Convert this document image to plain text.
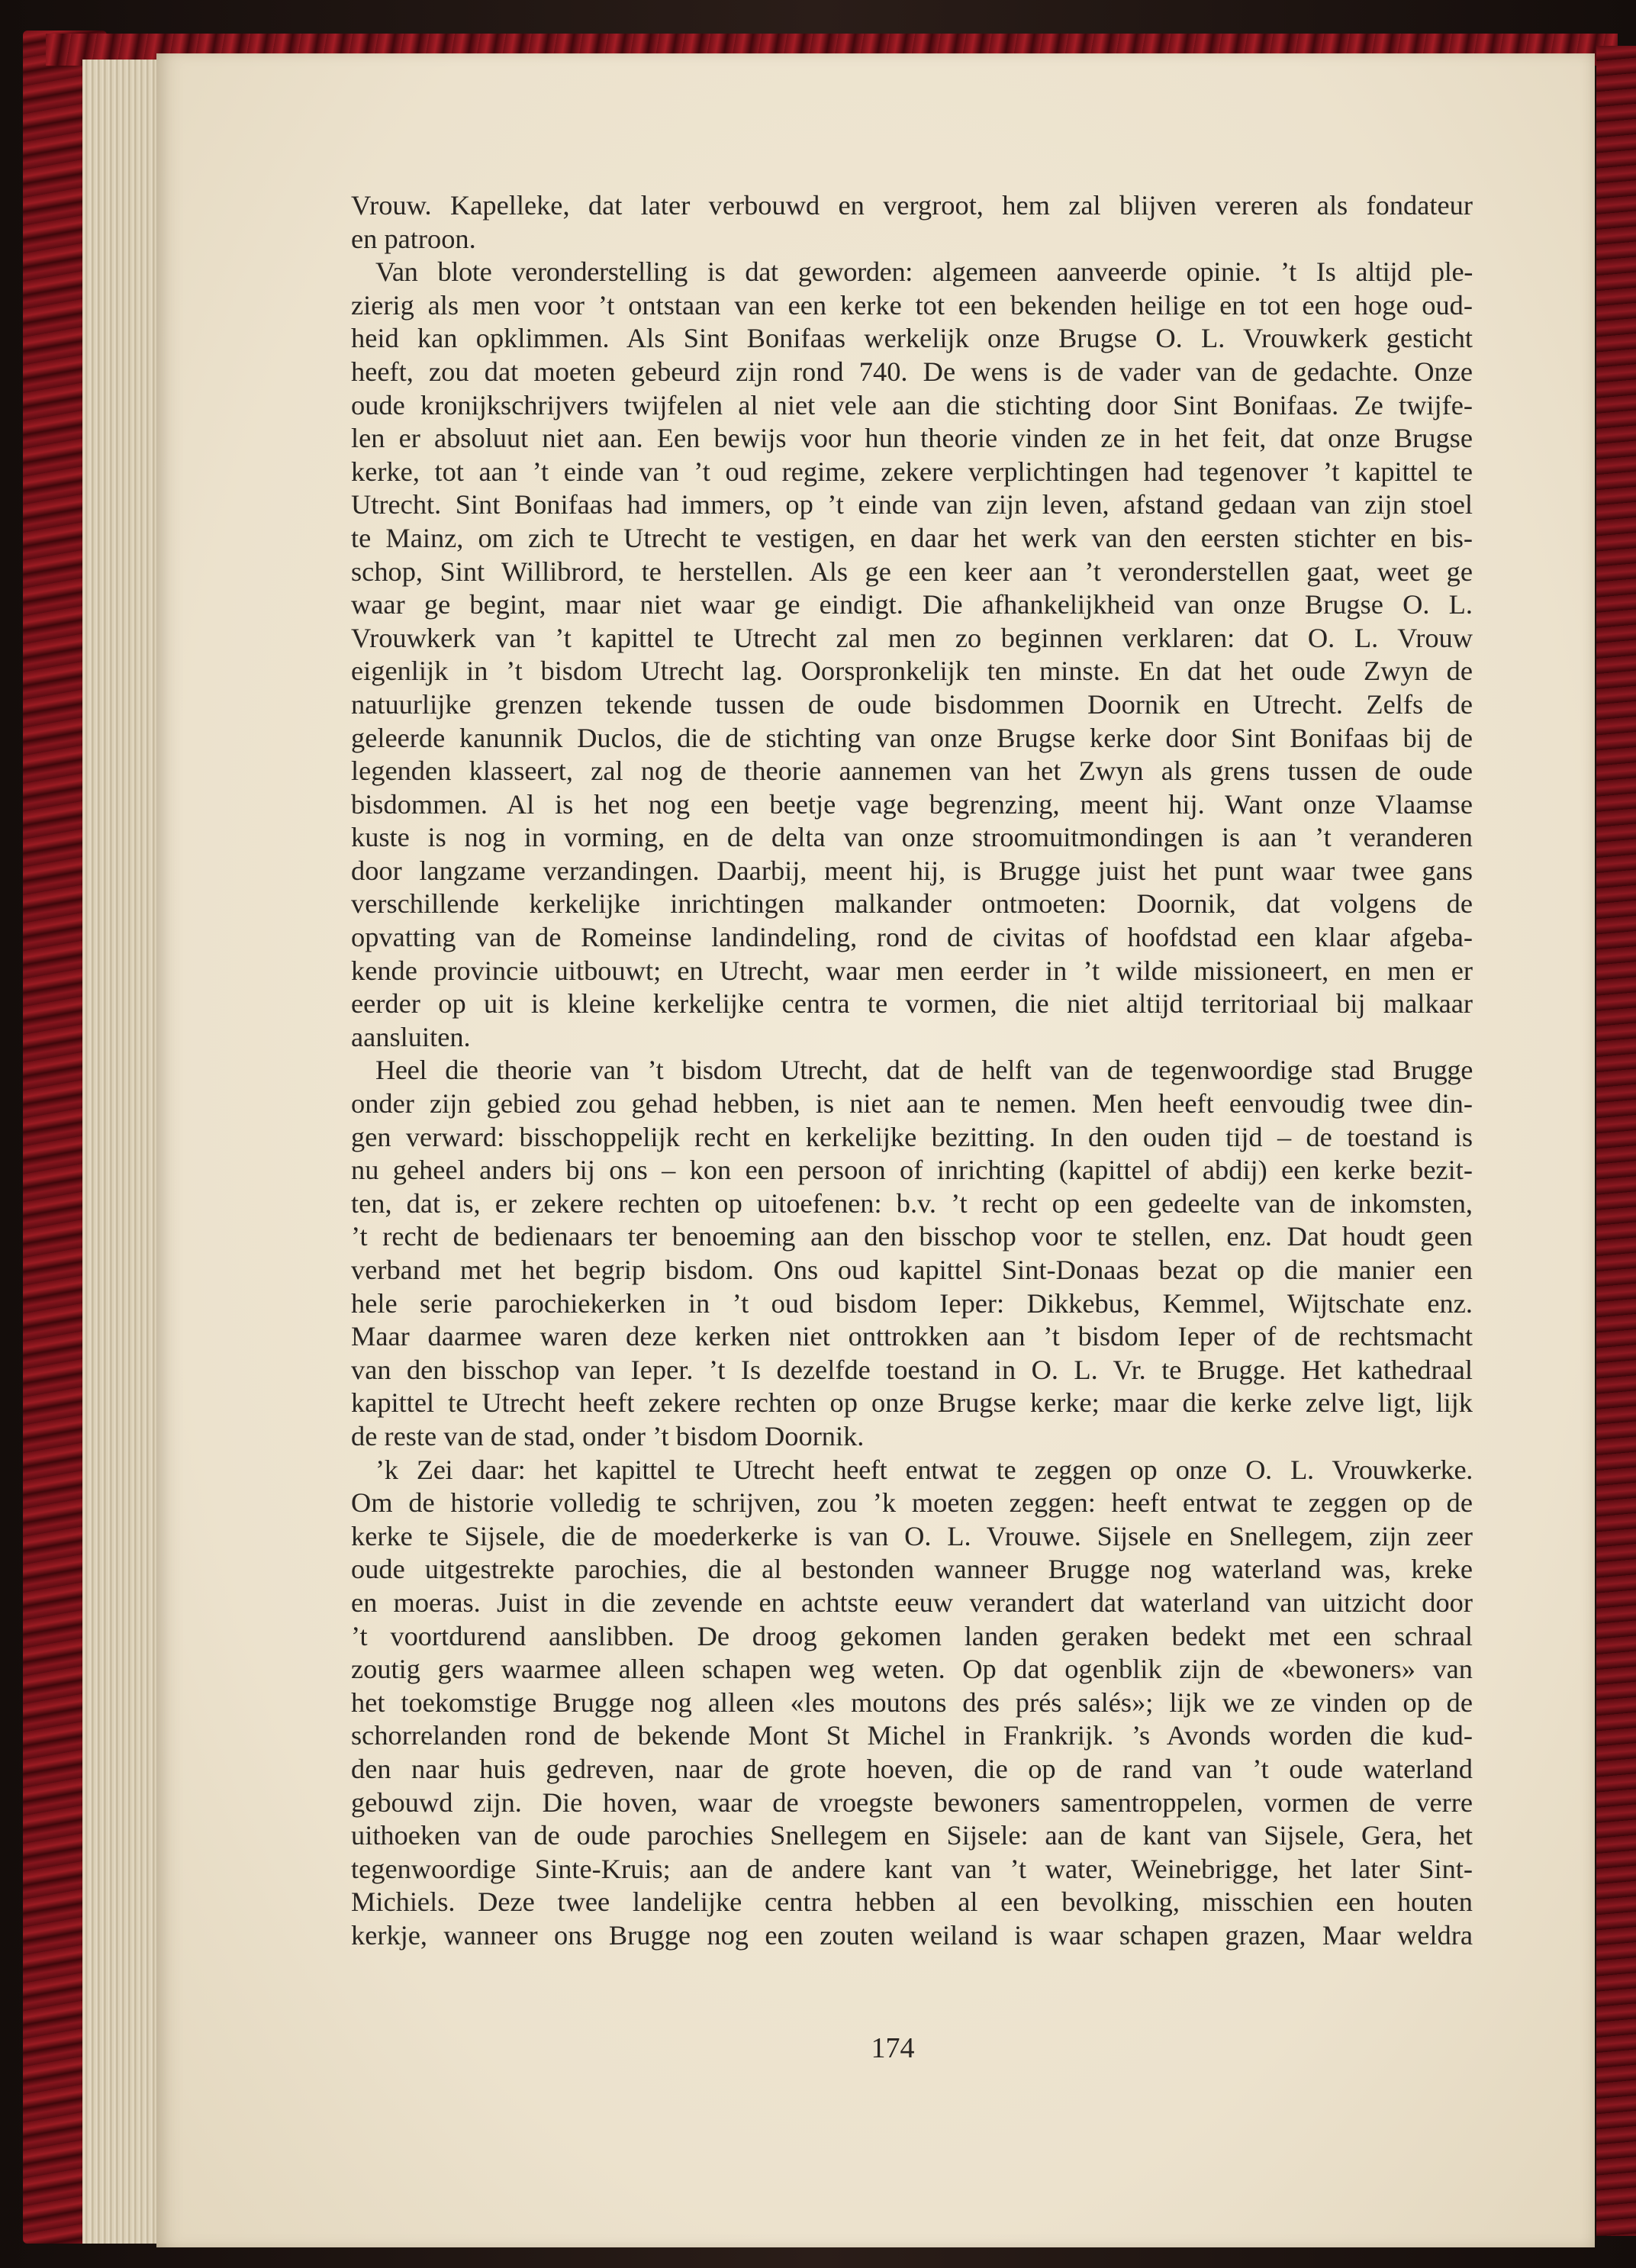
Vrouw. Kapelleke, dat later verbouwd en vergroot, hem zal blijven vereren als fondateur
en patroon.
Van blote veronderstelling is dat geworden: algemeen aanveerde opinie. ’t Is altijd ple-
zierig als men voor ’t ontstaan van een kerke tot een bekenden heilige en tot een hoge oud-
heid kan opklimmen. Als Sint Bonifaas werkelijk onze Brugse O. L. Vrouwkerk gesticht
heeft, zou dat moeten gebeurd zijn rond 740. De wens is de vader van de gedachte. Onze
oude kronijkschrijvers twijfelen al niet vele aan die stichting door Sint Bonifaas. Ze twijfe-
len er absoluut niet aan. Een bewijs voor hun theorie vinden ze in het feit, dat onze Brugse
kerke, tot aan ’t einde van ’t oud regime, zekere verplichtingen had tegenover ’t kapittel te
Utrecht. Sint Bonifaas had immers, op ’t einde van zijn leven, afstand gedaan van zijn stoel
te Mainz, om zich te Utrecht te vestigen, en daar het werk van den eersten stichter en bis-
schop, Sint Willibrord, te herstellen. Als ge een keer aan ’t veronderstellen gaat, weet ge
waar ge begint, maar niet waar ge eindigt. Die afhankelijkheid van onze Brugse O. L.
Vrouwkerk van ’t kapittel te Utrecht zal men zo beginnen verklaren: dat O. L. Vrouw
eigenlijk in ’t bisdom Utrecht lag. Oorspronkelijk ten minste. En dat het oude Zwyn de
natuurlijke grenzen tekende tussen de oude bisdommen Doornik en Utrecht. Zelfs de
geleerde kanunnik Duclos, die de stichting van onze Brugse kerke door Sint Bonifaas bij de
legenden klasseert, zal nog de theorie aannemen van het Zwyn als grens tussen de oude
bisdommen. Al is het nog een beetje vage begrenzing, meent hij. Want onze Vlaamse
kuste is nog in vorming, en de delta van onze stroomuitmondingen is aan ’t veranderen
door langzame verzandingen. Daarbij, meent hij, is Brugge juist het punt waar twee gans
verschillende kerkelijke inrichtingen malkander ontmoeten: Doornik, dat volgens de
opvatting van de Romeinse landindeling, rond de civitas of hoofdstad een klaar afgeba-
kende provincie uitbouwt; en Utrecht, waar men eerder in ’t wilde missioneert, en men er
eerder op uit is kleine kerkelijke centra te vormen, die niet altijd territoriaal bij malkaar
aansluiten.
Heel die theorie van ’t bisdom Utrecht, dat de helft van de tegenwoordige stad Brugge
onder zijn gebied zou gehad hebben, is niet aan te nemen. Men heeft eenvoudig twee din-
gen verward: bisschoppelijk recht en kerkelijke bezitting. In den ouden tijd – de toestand is
nu geheel anders bij ons – kon een persoon of inrichting (kapittel of abdij) een kerke bezit-
ten, dat is, er zekere rechten op uitoefenen: b.v. ’t recht op een gedeelte van de inkomsten,
’t recht de bedienaars ter benoeming aan den bisschop voor te stellen, enz. Dat houdt geen
verband met het begrip bisdom. Ons oud kapittel Sint-Donaas bezat op die manier een
hele serie parochiekerken in ’t oud bisdom Ieper: Dikkebus, Kemmel, Wijtschate enz.
Maar daarmee waren deze kerken niet onttrokken aan ’t bisdom Ieper of de rechtsmacht
van den bisschop van Ieper. ’t Is dezelfde toestand in O. L. Vr. te Brugge. Het kathedraal
kapittel te Utrecht heeft zekere rechten op onze Brugse kerke; maar die kerke zelve ligt, lijk
de reste van de stad, onder ’t bisdom Doornik.
’k Zei daar: het kapittel te Utrecht heeft entwat te zeggen op onze O. L. Vrouwkerke.
Om de historie volledig te schrijven, zou ’k moeten zeggen: heeft entwat te zeggen op de
kerke te Sijsele, die de moederkerke is van O. L. Vrouwe. Sijsele en Snellegem, zijn zeer
oude uitgestrekte parochies, die al bestonden wanneer Brugge nog waterland was, kreke
en moeras. Juist in die zevende en achtste eeuw verandert dat waterland van uitzicht door
’t voortdurend aanslibben. De droog gekomen landen geraken bedekt met een schraal
zoutig gers waarmee alleen schapen weg weten. Op dat ogenblik zijn de «bewoners» van
het toekomstige Brugge nog alleen «les moutons des prés salés»; lijk we ze vinden op de
schorrelanden rond de bekende Mont St Michel in Frankrijk. ’s Avonds worden die kud-
den naar huis gedreven, naar de grote hoeven, die op de rand van ’t oude waterland
gebouwd zijn. Die hoven, waar de vroegste bewoners samentroppelen, vormen de verre
uithoeken van de oude parochies Snellegem en Sijsele: aan de kant van Sijsele, Gera, het
tegenwoordige Sinte-Kruis; aan de andere kant van ’t water, Weinebrigge, het later Sint-
Michiels. Deze twee landelijke centra hebben al een bevolking, misschien een houten
kerkje, wanneer ons Brugge nog een zouten weiland is waar schapen grazen, Maar weldra
174
